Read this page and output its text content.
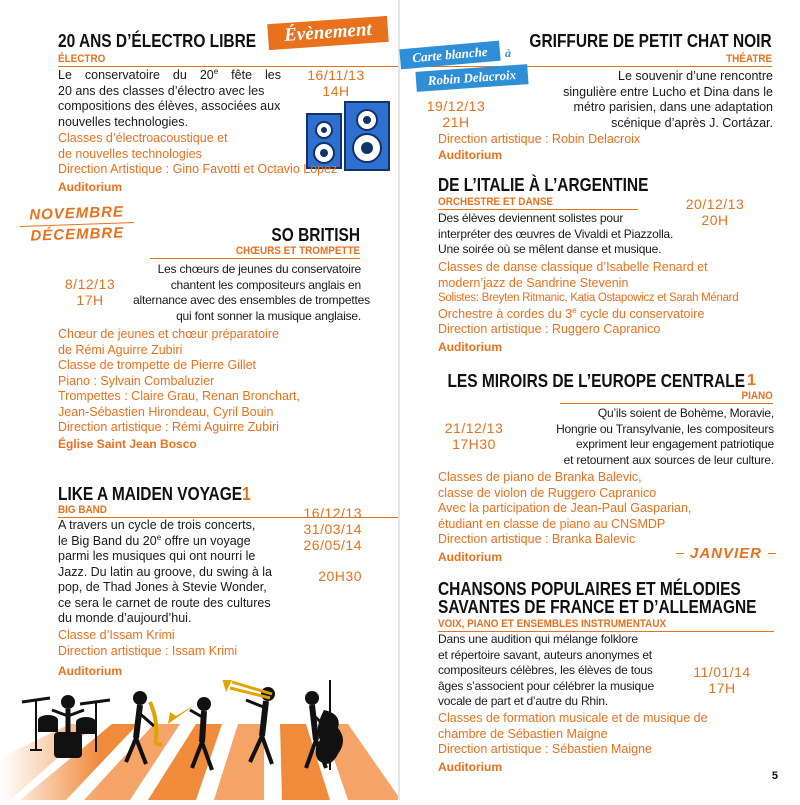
20 ANS D’ÉLECTRO LIBRE	Évènement
ÉLECTRO
Le conservatoire du 20e fête les
20 ans des classes d’électro avec les
compositions des élèves, associées aux
nouvelles technologies.
16/11/13
14H
Classes d’électroacoustique et
de nouvelles technologies
Direction Artistique : Gino Favotti et Octavio Lopez
Auditorium
NOVEMBRE
DÉCEMBRE	SO BRITISH
CHŒURS ET TROMPETTE
8/12/13
17H
Les chœurs de jeunes du conservatoire
chantent les compositeurs anglais en
alternance avec des ensembles de trompettes
qui font sonner la musique anglaise.
Chœur de jeunes et chœur préparatoire
de Rémi Aguirre Zubiri
Classe de trompette de Pierre Gillet
Piano : Sylvain Combaluzier
Trompettes : Claire Grau, Renan Bronchart,
Jean-Sébastien Hirondeau, Cyril Bouin
Direction artistique : Rémi Aguirre Zubiri
Église Saint Jean Bosco
LIKE A MAIDEN VOYAGE1
BIG BAND
A travers un cycle de trois concerts,
le Big Band du 20e offre un voyage
parmi les musiques qui ont nourri le
Jazz. Du latin au groove, du swing à la
pop, de Thad Jones à Stevie Wonder,
ce sera le carnet de route des cultures
du monde d’aujourd’hui.
16/12/13
31/03/14
26/05/14
20H30
Classe d’Issam Krimi
Direction artistique : Issam Krimi
Auditorium
GRIFFURE DE PETIT CHAT NOIR
THÉATRE
Carte blanche	à
Robin Delacroix
19/12/13
21H
Le souvenir d’une rencontre
singulière entre Lucho et Dina dans le
métro parisien, dans une adaptation
scénique d’après J. Cortázar.
Direction artistique : Robin Delacroix
Auditorium
DE L’ITALIE À L’ARGENTINE
ORCHESTRE ET DANSE	20/12/13
20H
Des élèves deviennent solistes pour
interpréter des œuvres de Vivaldi et Piazzolla.
Une soirée où se mêlent danse et musique.
Classes de danse classique d’Isabelle Renard et
modern’jazz de Sandrine Stevenin
Solistes: Breyten Ritmanic, Katia Ostapowicz et Sarah Ménard
Orchestre à cordes du 3e cycle du conservatoire
Direction artistique : Ruggero Capranico
Auditorium
LES MIROIRS DE L’EUROPE CENTRALE 1
PIANO
21/12/13
17H30
Qu’ils soient de Bohème, Moravie,
Hongrie ou Transylvanie, les compositeurs
expriment leur engagement patriotique
et retournent aux sources de leur culture.
Classes de piano de Branka Balevic,
classe de violon de Ruggero Capranico
Avec la participation de Jean-Paul Gasparian,
étudiant en classe de piano au CNSMDP
Direction artistique : Branka Balevic
Auditorium	JANVIER
CHANSONS POPULAIRES ET MÉLODIES
SAVANTES DE FRANCE ET D’ALLEMAGNE
VOIX, PIANO ET ENSEMBLES INSTRUMENTAUX
Dans une audition qui mélange folklore
et répertoire savant, auteurs anonymes et
compositeurs célèbres, les élèves de tous
âges s’associent pour célébrer la musique
vocale de part et d’autre du Rhin.
11/01/14
17H
Classes de formation musicale et de musique de
chambre de Sébastien Maigne
Direction artistique : Sébastien Maigne
Auditorium
5
